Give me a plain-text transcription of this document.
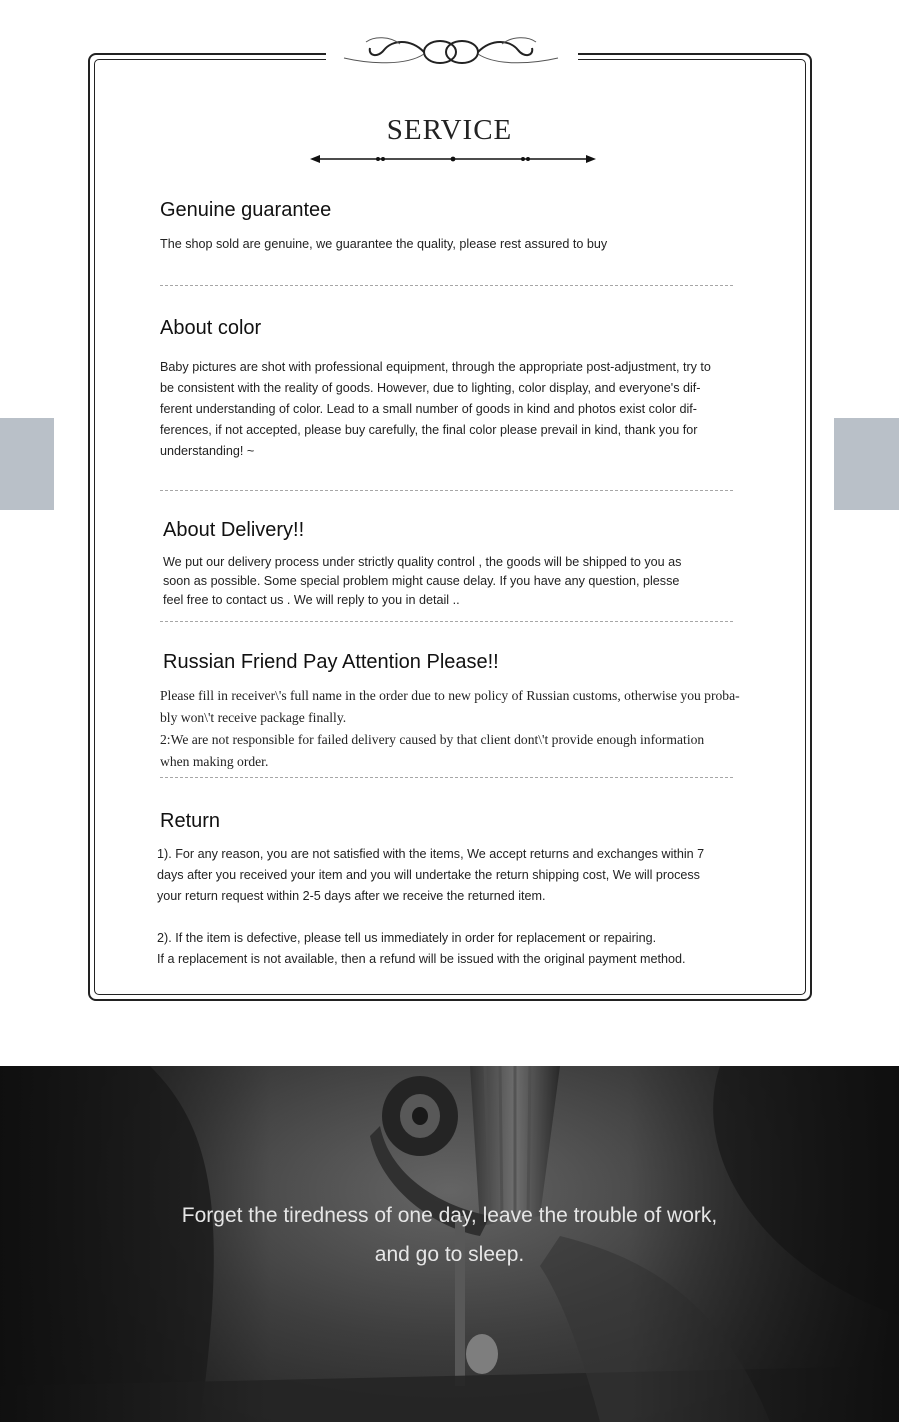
SERVICE
Genuine guarantee
The shop sold are genuine, we guarantee the quality, please rest assured to buy
About color
Baby pictures are shot with professional equipment, through the appropriate post-adjustment, try to
be consistent with the reality of goods. However, due to lighting, color display, and everyone's dif-
ferent understanding of color. Lead to a small number of goods in kind and photos exist color dif-
ferences, if not accepted, please buy carefully, the final color please prevail in kind, thank you for
understanding! ~
About Delivery!!
We put our delivery process under strictly quality control , the goods will be shipped to you as
soon as possible. Some special problem might cause delay. If you have any question, plesse
feel free to contact us . We will reply to you in detail ..
Russian Friend Pay Attention Please!!
Please fill in receiver\'s full name in the order due to new policy of Russian customs, otherwise you proba-
bly won\'t receive package finally.
2:We are not responsible for failed delivery caused by that client dont\'t provide enough information
when making order.
Return
1). For any reason, you are not satisfied with the items, We accept returns and exchanges within 7
days after you received your item and you will undertake the return shipping cost, We will process
your return request within 2-5 days after we receive the returned item.
2). If the item is defective, please tell us immediately in order for replacement or repairing.
If a replacement is not available, then a refund will be issued with the original payment method.
Forget the tiredness of one day, leave the trouble of work,
and go to sleep.
